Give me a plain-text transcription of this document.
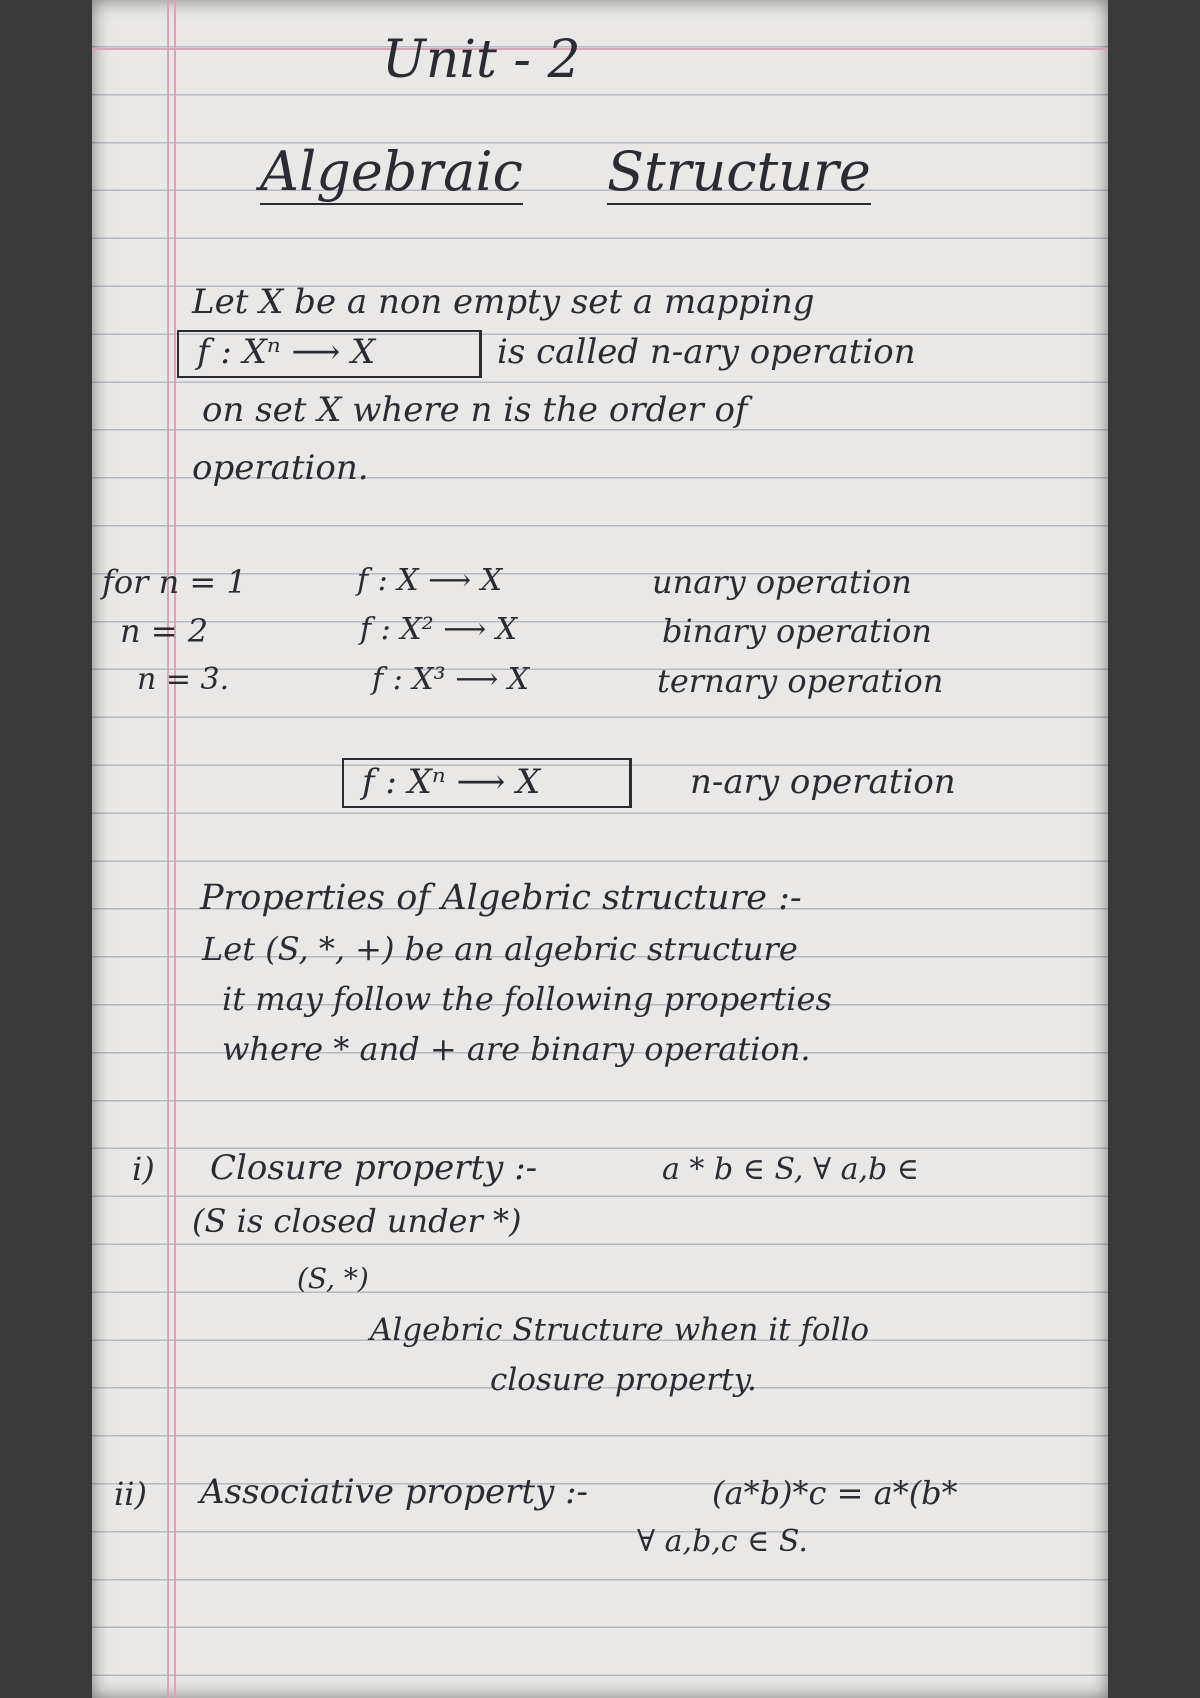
Unit - 2
Algebraic Structure
Let X be a non empty set a mapping
f : Xⁿ ⟶ X	is called n-ary operation
on set X where n is the order of
operation.
for n = 1	f : X ⟶ X	unary operation
n = 2	f : X² ⟶ X	binary operation
n = 3.	f : X³ ⟶ X	ternary operation
f : Xⁿ ⟶ X	n-ary operation
Properties of Algebric structure :-
Let (S, *, +) be an algebric structure
it may follow the following properties
where * and + are binary operation.
i) Closure property :-	a * b ∈ S, ∀ a,b ∈
(S is closed under *)
(S, *)
Algebric Structure when it follo
closure property.
ii) Associative property :-	(a*b)*c = a*(b*
∀ a,b,c ∈ S.
